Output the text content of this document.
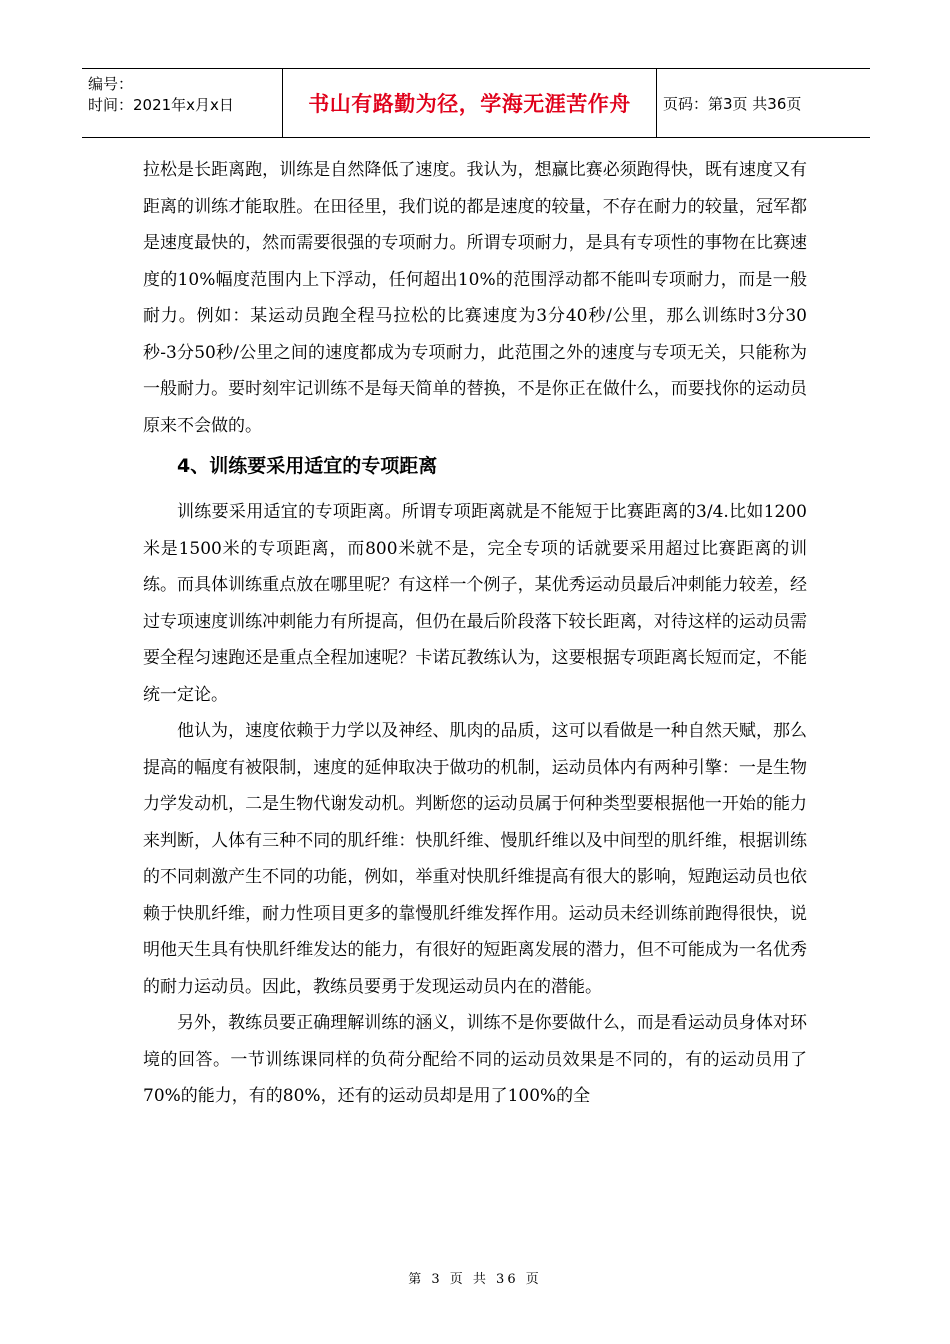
编号：
时间：2021年x月x日	书山有路勤为径，学海无涯苦作舟	页码：第3页 共36页

拉松是长距离跑，训练是自然降低了速度。我认为，想赢比赛必须跑得快，既有速度又有距离的训练才能取胜。在田径里，我们说的都是速度的较量，不存在耐力的较量，冠军都是速度最快的，然而需要很强的专项耐力。所谓专项耐力，是具有专项性的事物在比赛速度的10%幅度范围内上下浮动，任何超出10%的范围浮动都不能叫专项耐力，而是一般耐力。例如：某运动员跑全程马拉松的比赛速度为3分40秒/公里，那么训练时3分30秒-3分50秒/公里之间的速度都成为专项耐力，此范围之外的速度与专项无关，只能称为一般耐力。要时刻牢记训练不是每天简单的替换，不是你正在做什么，而要找你的运动员原来不会做的。

4、训练要采用适宜的专项距离

训练要采用适宜的专项距离。所谓专项距离就是不能短于比赛距离的3/4.比如1200米是1500米的专项距离，而800米就不是，完全专项的话就要采用超过比赛距离的训练。而具体训练重点放在哪里呢？有这样一个例子，某优秀运动员最后冲刺能力较差，经过专项速度训练冲刺能力有所提高，但仍在最后阶段落下较长距离，对待这样的运动员需要全程匀速跑还是重点全程加速呢？卡诺瓦教练认为，这要根据专项距离长短而定，不能统一定论。

他认为，速度依赖于力学以及神经、肌肉的品质，这可以看做是一种自然天赋，那么提高的幅度有被限制，速度的延伸取决于做功的机制，运动员体内有两种引擎：一是生物力学发动机，二是生物代谢发动机。判断您的运动员属于何种类型要根据他一开始的能力来判断，人体有三种不同的肌纤维：快肌纤维、慢肌纤维以及中间型的肌纤维，根据训练的不同刺激产生不同的功能，例如，举重对快肌纤维提高有很大的影响，短跑运动员也依赖于快肌纤维，耐力性项目更多的靠慢肌纤维发挥作用。运动员未经训练前跑得很快，说明他天生具有快肌纤维发达的能力，有很好的短距离发展的潜力，但不可能成为一名优秀的耐力运动员。因此，教练员要勇于发现运动员内在的潜能。

另外，教练员要正确理解训练的涵义，训练不是你要做什么，而是看运动员身体对环境的回答。一节训练课同样的负荷分配给不同的运动员效果是不同的，有的运动员用了70%的能力，有的80%，还有的运动员却是用了100%的全

第 3 页 共 36 页
